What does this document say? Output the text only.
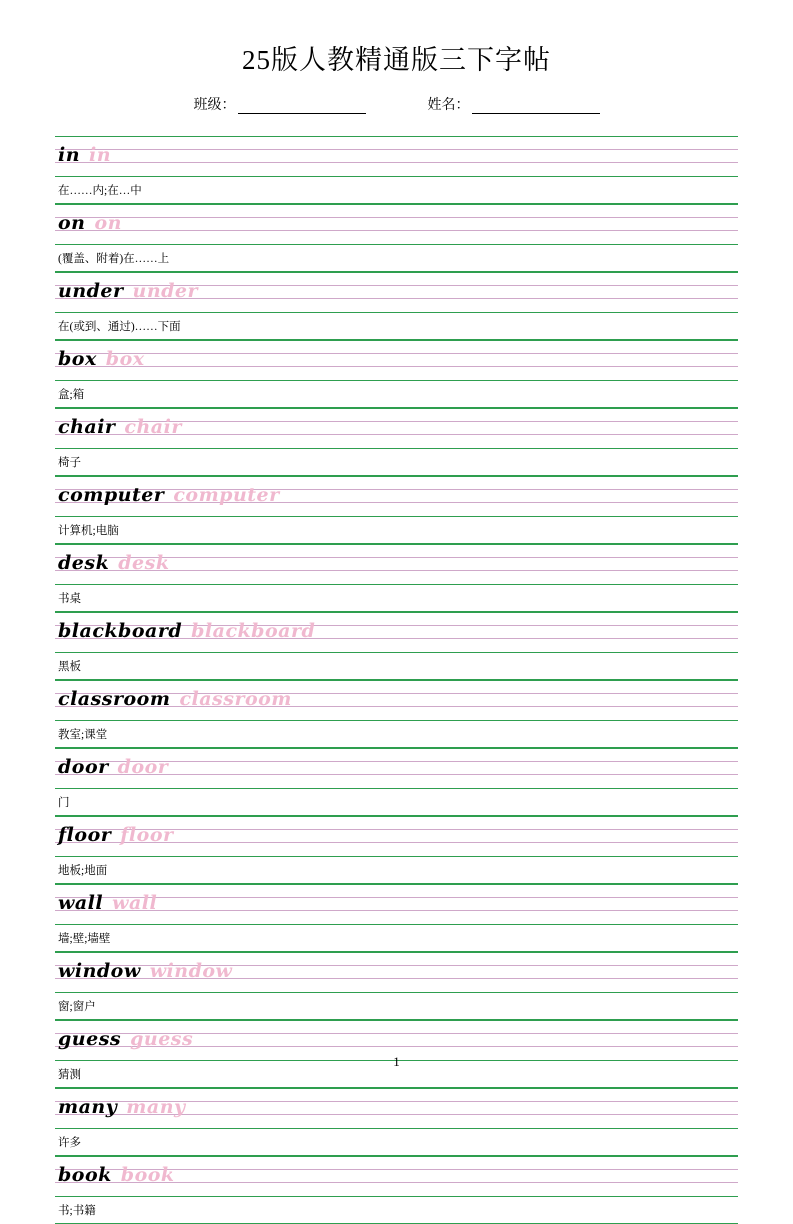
25版人教精通版三下字帖
班级：	姓名：
in in
在……内;在…中
on on
(覆盖、附着)在……上
under under
在(或到、通过)……下面
box box
盒;箱
chair chair
椅子
computer computer
计算机;电脑
desk desk
书桌
blackboard blackboard
黑板
classroom classroom
教室;课堂
door door
门
floor floor
地板;地面
wall wall
墙;壁;墙壁
window window
窗;窗户
guess guess
猜测
many many
许多
book book
书;书籍
1
